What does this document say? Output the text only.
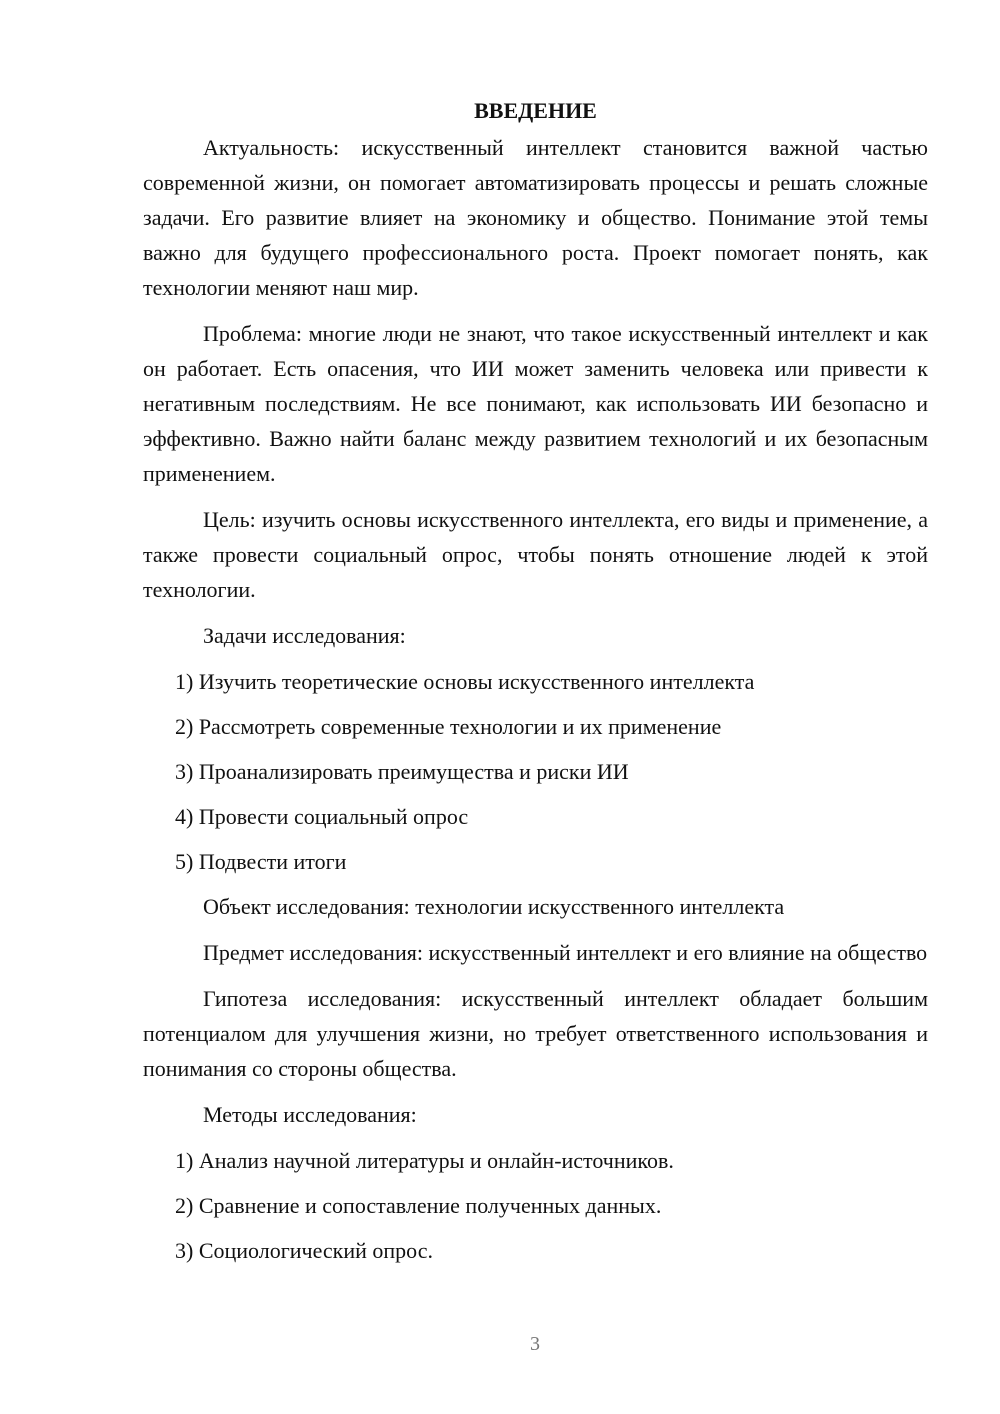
ВВЕДЕНИЕ

Актуальность: искусственный интеллект становится важной частью современной жизни, он помогает автоматизировать процессы и решать сложные задачи. Его развитие влияет на экономику и общество. Понимание этой темы важно для будущего профессионального роста. Проект помогает понять, как технологии меняют наш мир.

Проблема: многие люди не знают, что такое искусственный интеллект и как он работает. Есть опасения, что ИИ может заменить человека или привести к негативным последствиям. Не все понимают, как использовать ИИ безопасно и эффективно. Важно найти баланс между развитием технологий и их безопасным применением.

Цель: изучить основы искусственного интеллекта, его виды и применение, а также провести социальный опрос, чтобы понять отношение людей к этой технологии.

Задачи исследования:

1) Изучить теоретические основы искусственного интеллекта
2) Рассмотреть современные технологии и их применение
3) Проанализировать преимущества и риски ИИ
4) Провести социальный опрос
5) Подвести итоги

Объект исследования: технологии искусственного интеллекта

Предмет исследования: искусственный интеллект и его влияние на общество

Гипотеза исследования: искусственный интеллект обладает большим потенциалом для улучшения жизни, но требует ответственного использования и понимания со стороны общества.

Методы исследования:

1) Анализ научной литературы и онлайн-источников.
2) Сравнение и сопоставление полученных данных.
3) Социологический опрос.
3
